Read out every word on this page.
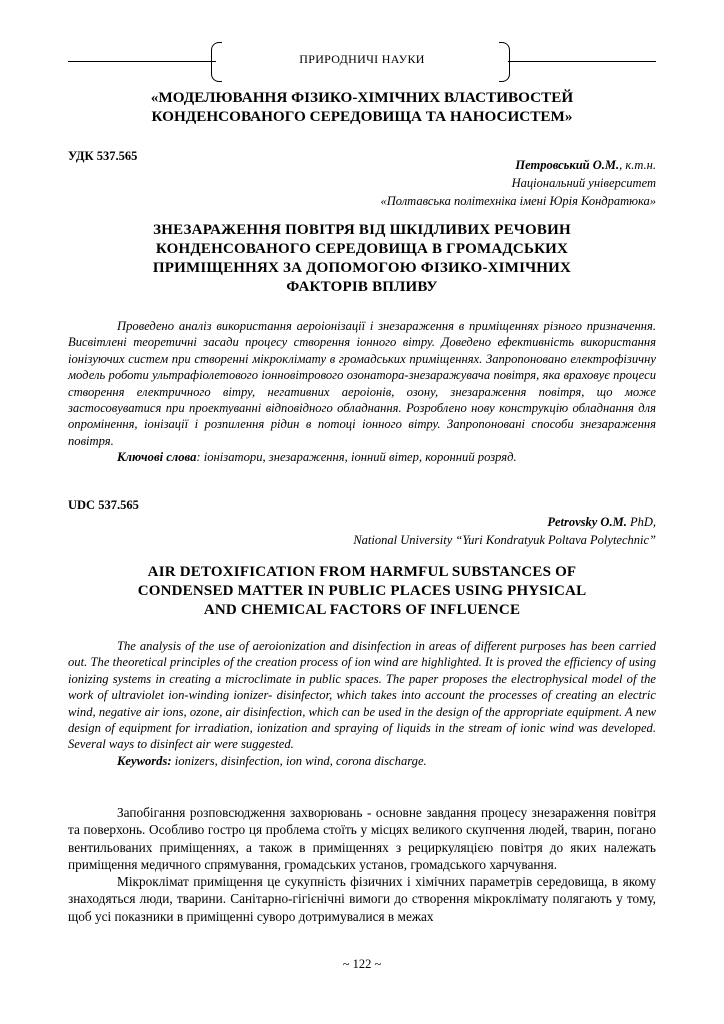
ПРИРОДНИЧІ НАУКИ
«МОДЕЛЮВАННЯ ФІЗИКО-ХІМІЧНИХ ВЛАСТИВОСТЕЙ
КОНДЕНСОВАНОГО СЕРЕДОВИЩА ТА НАНОСИСТЕМ»
УДК 537.565
Петровський О.М., к.т.н.
Національний університет
«Полтавська політехніка імені Юрія Кондратюка»
ЗНЕЗАРАЖЕННЯ ПОВІТРЯ ВІД ШКІДЛИВИХ РЕЧОВИН
КОНДЕНСОВАНОГО СЕРЕДОВИЩА В ГРОМАДСЬКИХ
ПРИМІЩЕННЯХ ЗА ДОПОМОГОЮ ФІЗИКО-ХІМІЧНИХ
ФАКТОРІВ ВПЛИВУ

Проведено аналіз використання аероіонізації і знезараження в приміщеннях різного призначення. Висвітлені теоретичні засади процесу створення іонного вітру. Доведено ефективність використання іонізуючих систем при створенні мікроклімату в громадських приміщеннях. Запропоновано електрофізичну модель роботи ультрафіолетового іонновітрового озонатора-знезаражувача повітря, яка враховує процеси створення електричного вітру, негативних аероіонів, озону, знезараження повітря, що може застосовуватися при проектуванні відповідного обладнання. Розроблено нову конструкцію обладнання для опромінення, іонізації і розпилення рідин в потоці іонного вітру. Запропоновані способи знезараження повітря.

Ключові слова: іонізатори, знезараження, іонний вітер, коронний розряд.

UDC 537.565
Petrovsky O.M. PhD,
National University “Yuri Kondratyuk Poltava Polytechnic”
AIR DETOXIFICATION FROM HARMFUL SUBSTANCES OF
CONDENSED MATTER IN PUBLIC PLACES USING PHYSICAL
AND CHEMICAL FACTORS OF INFLUENCE

The analysis of the use of aeroionization and disinfection in areas of different purposes has been carried out. The theoretical principles of the creation process of ion wind are highlighted. It is proved the efficiency of using ionizing systems in creating a microclimate in public spaces. The paper proposes the electrophysical model of the work of ultraviolet ion-winding ionizer- disinfector, which takes into account the processes of creating an electric wind, negative air ions, ozone, air disinfection, which can be used in the design of the appropriate equipment. A new design of equipment for irradiation, ionization and spraying of liquids in the stream of ionic wind was developed. Several ways to disinfect air were suggested.

Keywords: ionizers, disinfection, ion wind, corona discharge.

Запобігання розповсюдження захворювань - основне завдання процесу знезараження повітря та поверхонь. Особливо гостро ця проблема стоїть у місцях великого скупчення людей, тварин, погано вентильованих приміщеннях, а також в приміщеннях з рециркуляцією повітря до яких належать приміщення медичного спрямування, громадських установ, громадського харчування.

Мікроклімат приміщення це сукупність фізичних і хімічних параметрів середовища, в якому знаходяться люди, тварини. Санітарно-гігієнічні вимоги до створення мікроклімату полягають у тому, щоб усі показники в приміщенні суворо дотримувалися в межах

~ 122 ~
